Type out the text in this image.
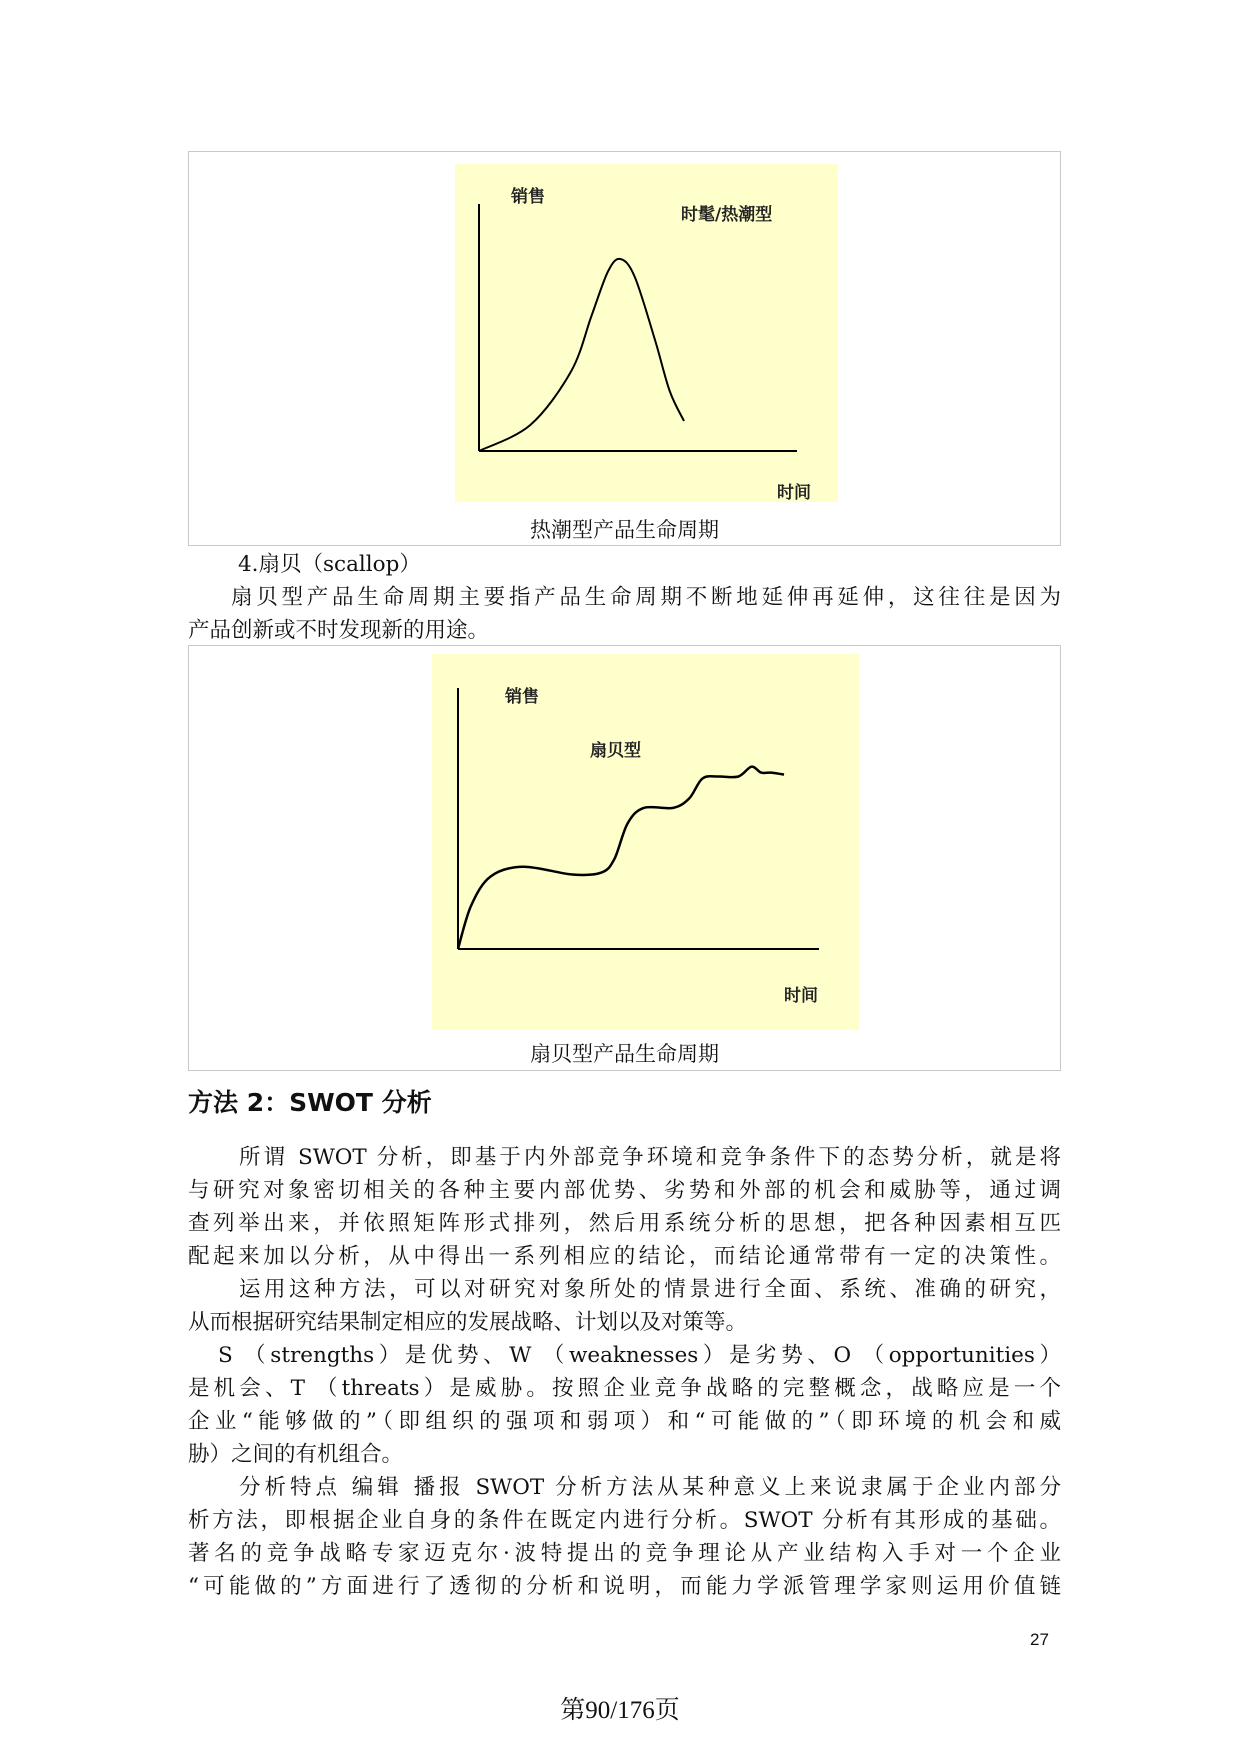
销售
时髦/热潮型
时间
热潮型产品生命周期
4.扇贝（scallop）
扇贝型产品生命周期主要指产品生命周期不断地延伸再延伸，这往往是因为
产品创新或不时发现新的用途。
销售
扇贝型
时间
扇贝型产品生命周期
方法 2：SWOT 分析
所谓 SWOT 分析，即基于内外部竞争环境和竞争条件下的态势分析，就是将
与研究对象密切相关的各种主要内部优势、劣势和外部的机会和威胁等，通过调
查列举出来，并依照矩阵形式排列，然后用系统分析的思想，把各种因素相互匹
配起来加以分析，从中得出一系列相应的结论，而结论通常带有一定的决策性。
运用这种方法，可以对研究对象所处的情景进行全面、系统、准确的研究，
从而根据研究结果制定相应的发展战略、计划以及对策等。
S （strengths）是优势、W （weaknesses）是劣势、O （opportunities）
是机会、T （threats）是威胁。按照企业竞争战略的完整概念，战略应是一个
企业“能够做的”（即组织的强项和弱项）和“可能做的”（即环境的机会和威
胁）之间的有机组合。
分析特点 编辑 播报 SWOT 分析方法从某种意义上来说隶属于企业内部分
析方法，即根据企业自身的条件在既定内进行分析。SWOT 分析有其形成的基础。
著名的竞争战略专家迈克尔·波特提出的竞争理论从产业结构入手对一个企业
“可能做的”方面进行了透彻的分析和说明，而能力学派管理学家则运用价值链
27
第90/176页
